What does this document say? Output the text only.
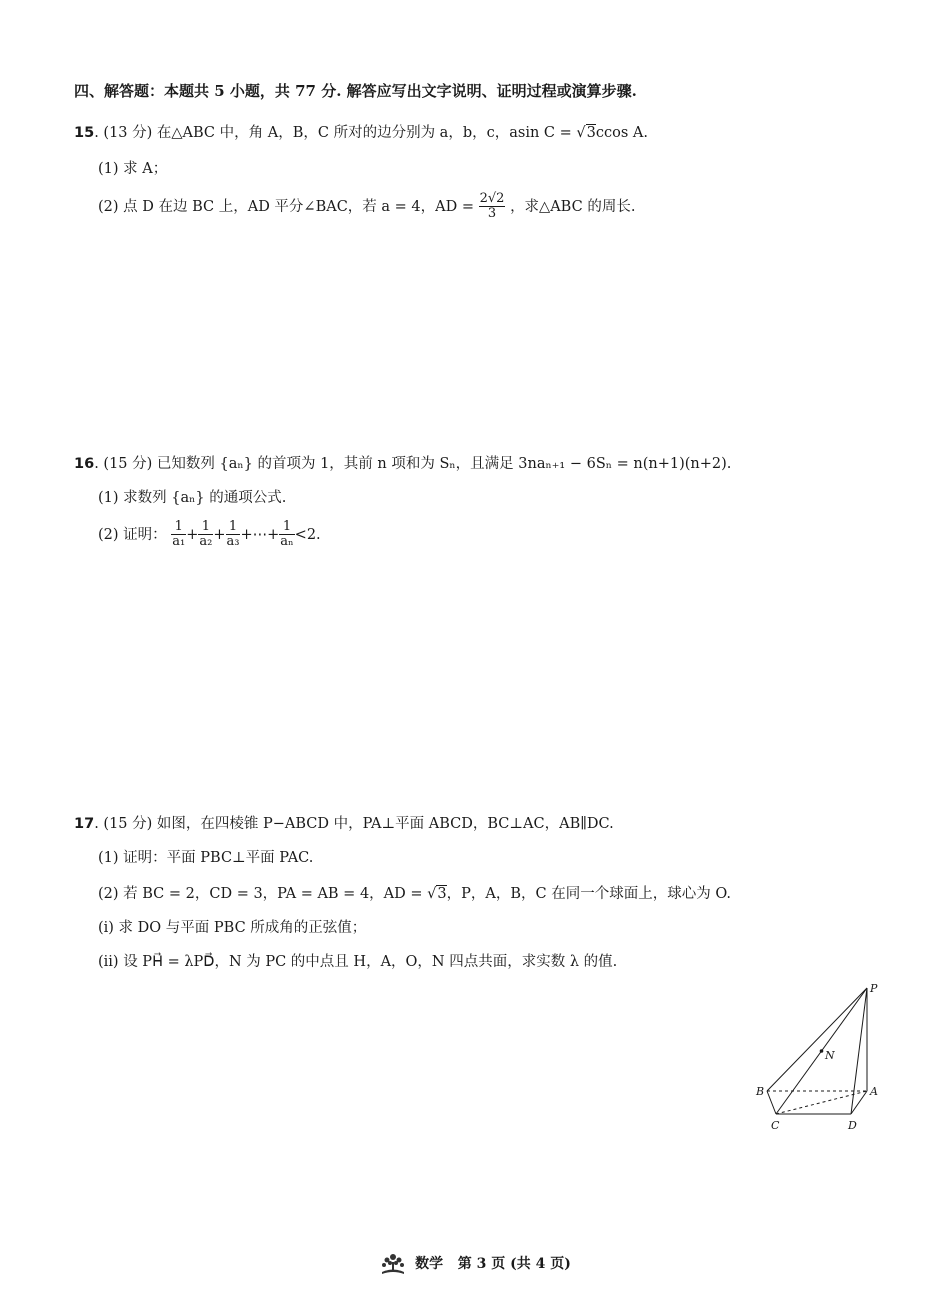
四、解答题：本题共 5 小题，共 77 分. 解答应写出文字说明、证明过程或演算步骤.
15. (13 分) 在△ABC 中，角 A，B，C 所对的边分别为 a，b，c，asin C = √3ccos A.
(1) 求 A；
(2) 点 D 在边 BC 上，AD 平分∠BAC，若 a = 4，AD = $\frac{2√2}{3}$ ，求△ABC 的周长.
16. (15 分) 已知数列 {aₙ} 的首项为 1，其前 n 项和为 Sₙ，且满足 3naₙ₊₁ − 6Sₙ = n(n+1)(n+2).
(1) 求数列 {aₙ} 的通项公式.
(2) 证明： $\frac{1}{\text{a₁}} + \frac{1}{\text{a₂}} + \frac{1}{\text{a₃}}$ +⋯+ $\frac{1}{\text{aₙ}} <2$.
17. (15 分) 如图，在四棱锥 P−ABCD 中，PA⊥平面 ABCD，BC⊥AC，AB∥DC.
(1) 证明：平面 PBC⊥平面 PAC.
(2) 若 BC = 2，CD = 3，PA = AB = 4，AD = √3，P，A，B，C 在同一个球面上，球心为 O.
(i) 求 DO 与平面 PBC 所成角的正弦值；
(ii) 设 PH⃗ = λPD⃗，N 为 PC 的中点且 H，A，O，N 四点共面，求实数 λ 的值.
P
N
B	A
C	D
数学 第 3 页 (共 4 页)
